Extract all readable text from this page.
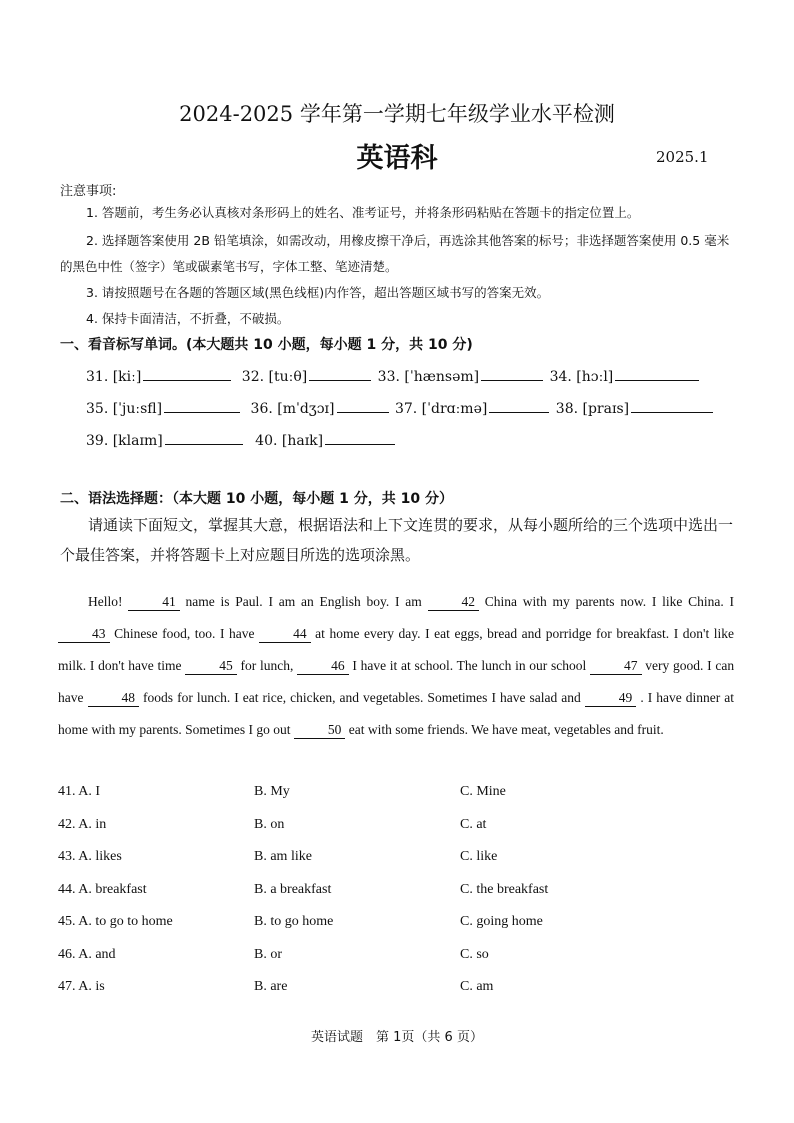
2024-2025 学年第一学期七年级学业水平检测
英语科	2025.1
注意事项:
1. 答题前，考生务必认真核对条形码上的姓名、准考证号，并将条形码粘贴在答题卡的指定位置上。
2. 选择题答案使用 2B 铅笔填涂，如需改动，用橡皮擦干净后，再选涂其他答案的标号；非选择题答案使用 0.5 毫米的黑色中性（签字）笔或碳素笔书写，字体工整、笔迹清楚。
3. 请按照题号在各题的答题区域(黑色线框)内作答，超出答题区域书写的答案无效。
4. 保持卡面清洁，不折叠，不破损。
一、看音标写单词。(本大题共 10 小题，每小题 1 分，共 10 分)
31. [kiː]	32. [tuːθ]	33. [ˈhænsəm]	34. [hɔːl]
35. [ˈjuːsfl]	36. [mˈdʒɔɪ]	37. [ˈdrɑːmə]	38. [praɪs]
39. [klaɪm]	40. [haɪk]
二、语法选择题：（本大题 10 小题，每小题 1 分，共 10 分）
请通读下面短文，掌握其大意，根据语法和上下文连贯的要求，从每小题所给的三个选项中选出一个最佳答案，并将答题卡上对应题目所选的选项涂黑。
Hello!	41 name is Paul. I am an English boy. I am	42 China with my parents now. I like China. I 43 Chinese food, too. I have	44 at home every day. I eat eggs, bread and porridge for breakfast. I don't like milk. I don't have time	45 for lunch,	46 I have it at school. The lunch in our school	47 very good. I can have	48 foods for lunch. I eat rice, chicken, and vegetables. Sometimes I have salad and	49 . I have dinner at home with my parents. Sometimes I go out	50 eat with some friends. We have meat, vegetables and fruit.
41. A. I	B. My	C. Mine
42. A. in	B. on	C. at
43. A. likes	B. am like	C. like
44. A. breakfast	B. a breakfast	C. the breakfast
45. A. to go to home	B. to go home	C. going home
46. A. and	B. or	C. so
47. A. is	B. are	C. am
英语试题　第 1页（共 6 页）
